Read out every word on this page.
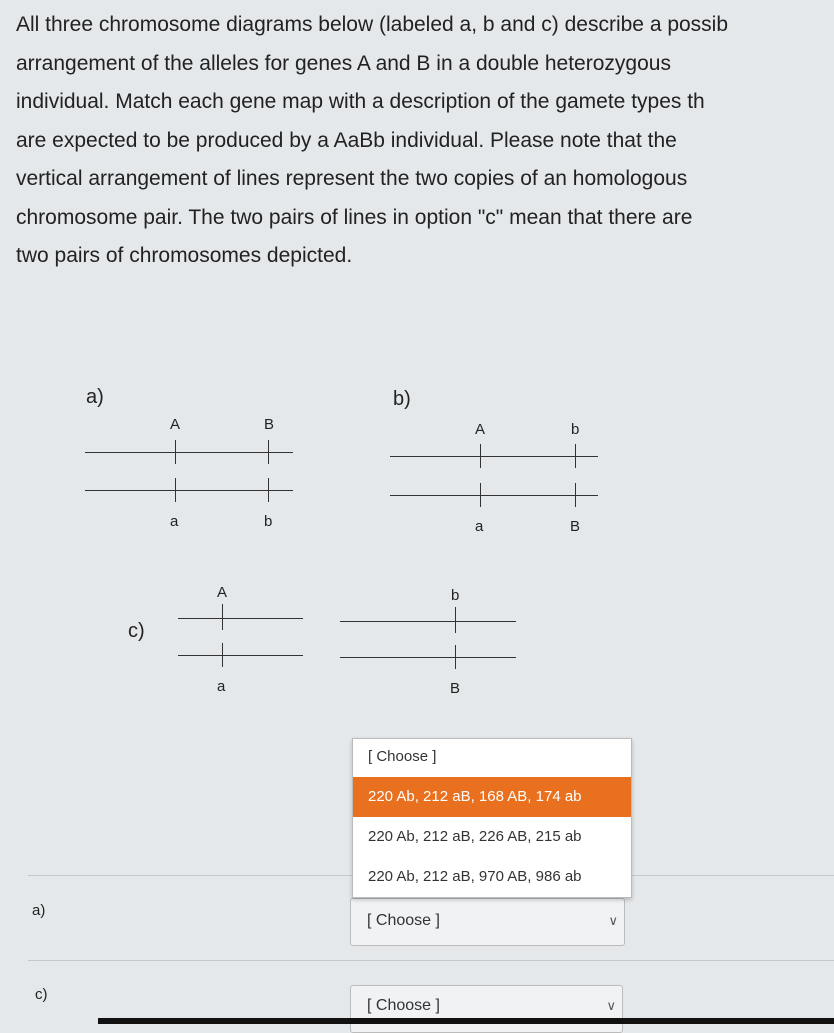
All three chromosome diagrams below (labeled a, b and c) describe a possib
arrangement of the alleles for genes A and B in a double heterozygous
individual. Match each gene map with a description of the gamete types th
are expected to be produced by a AaBb individual. Please note that the
vertical arrangement of lines represent the two copies of an homologous
chromosome pair. The two pairs of lines in option "c" mean that there are
two pairs of chromosomes depicted.
a)
A	B
a	b
b)
A	b
a	B
c)
A	b
a	B
a)
[ Choose ]	∨
c)
[ Choose ]	∨
[ Choose ]
220 Ab, 212 aB, 168 AB, 174 ab
220 Ab, 212 aB, 226 AB, 215 ab
220 Ab, 212 aB, 970 AB, 986 ab
